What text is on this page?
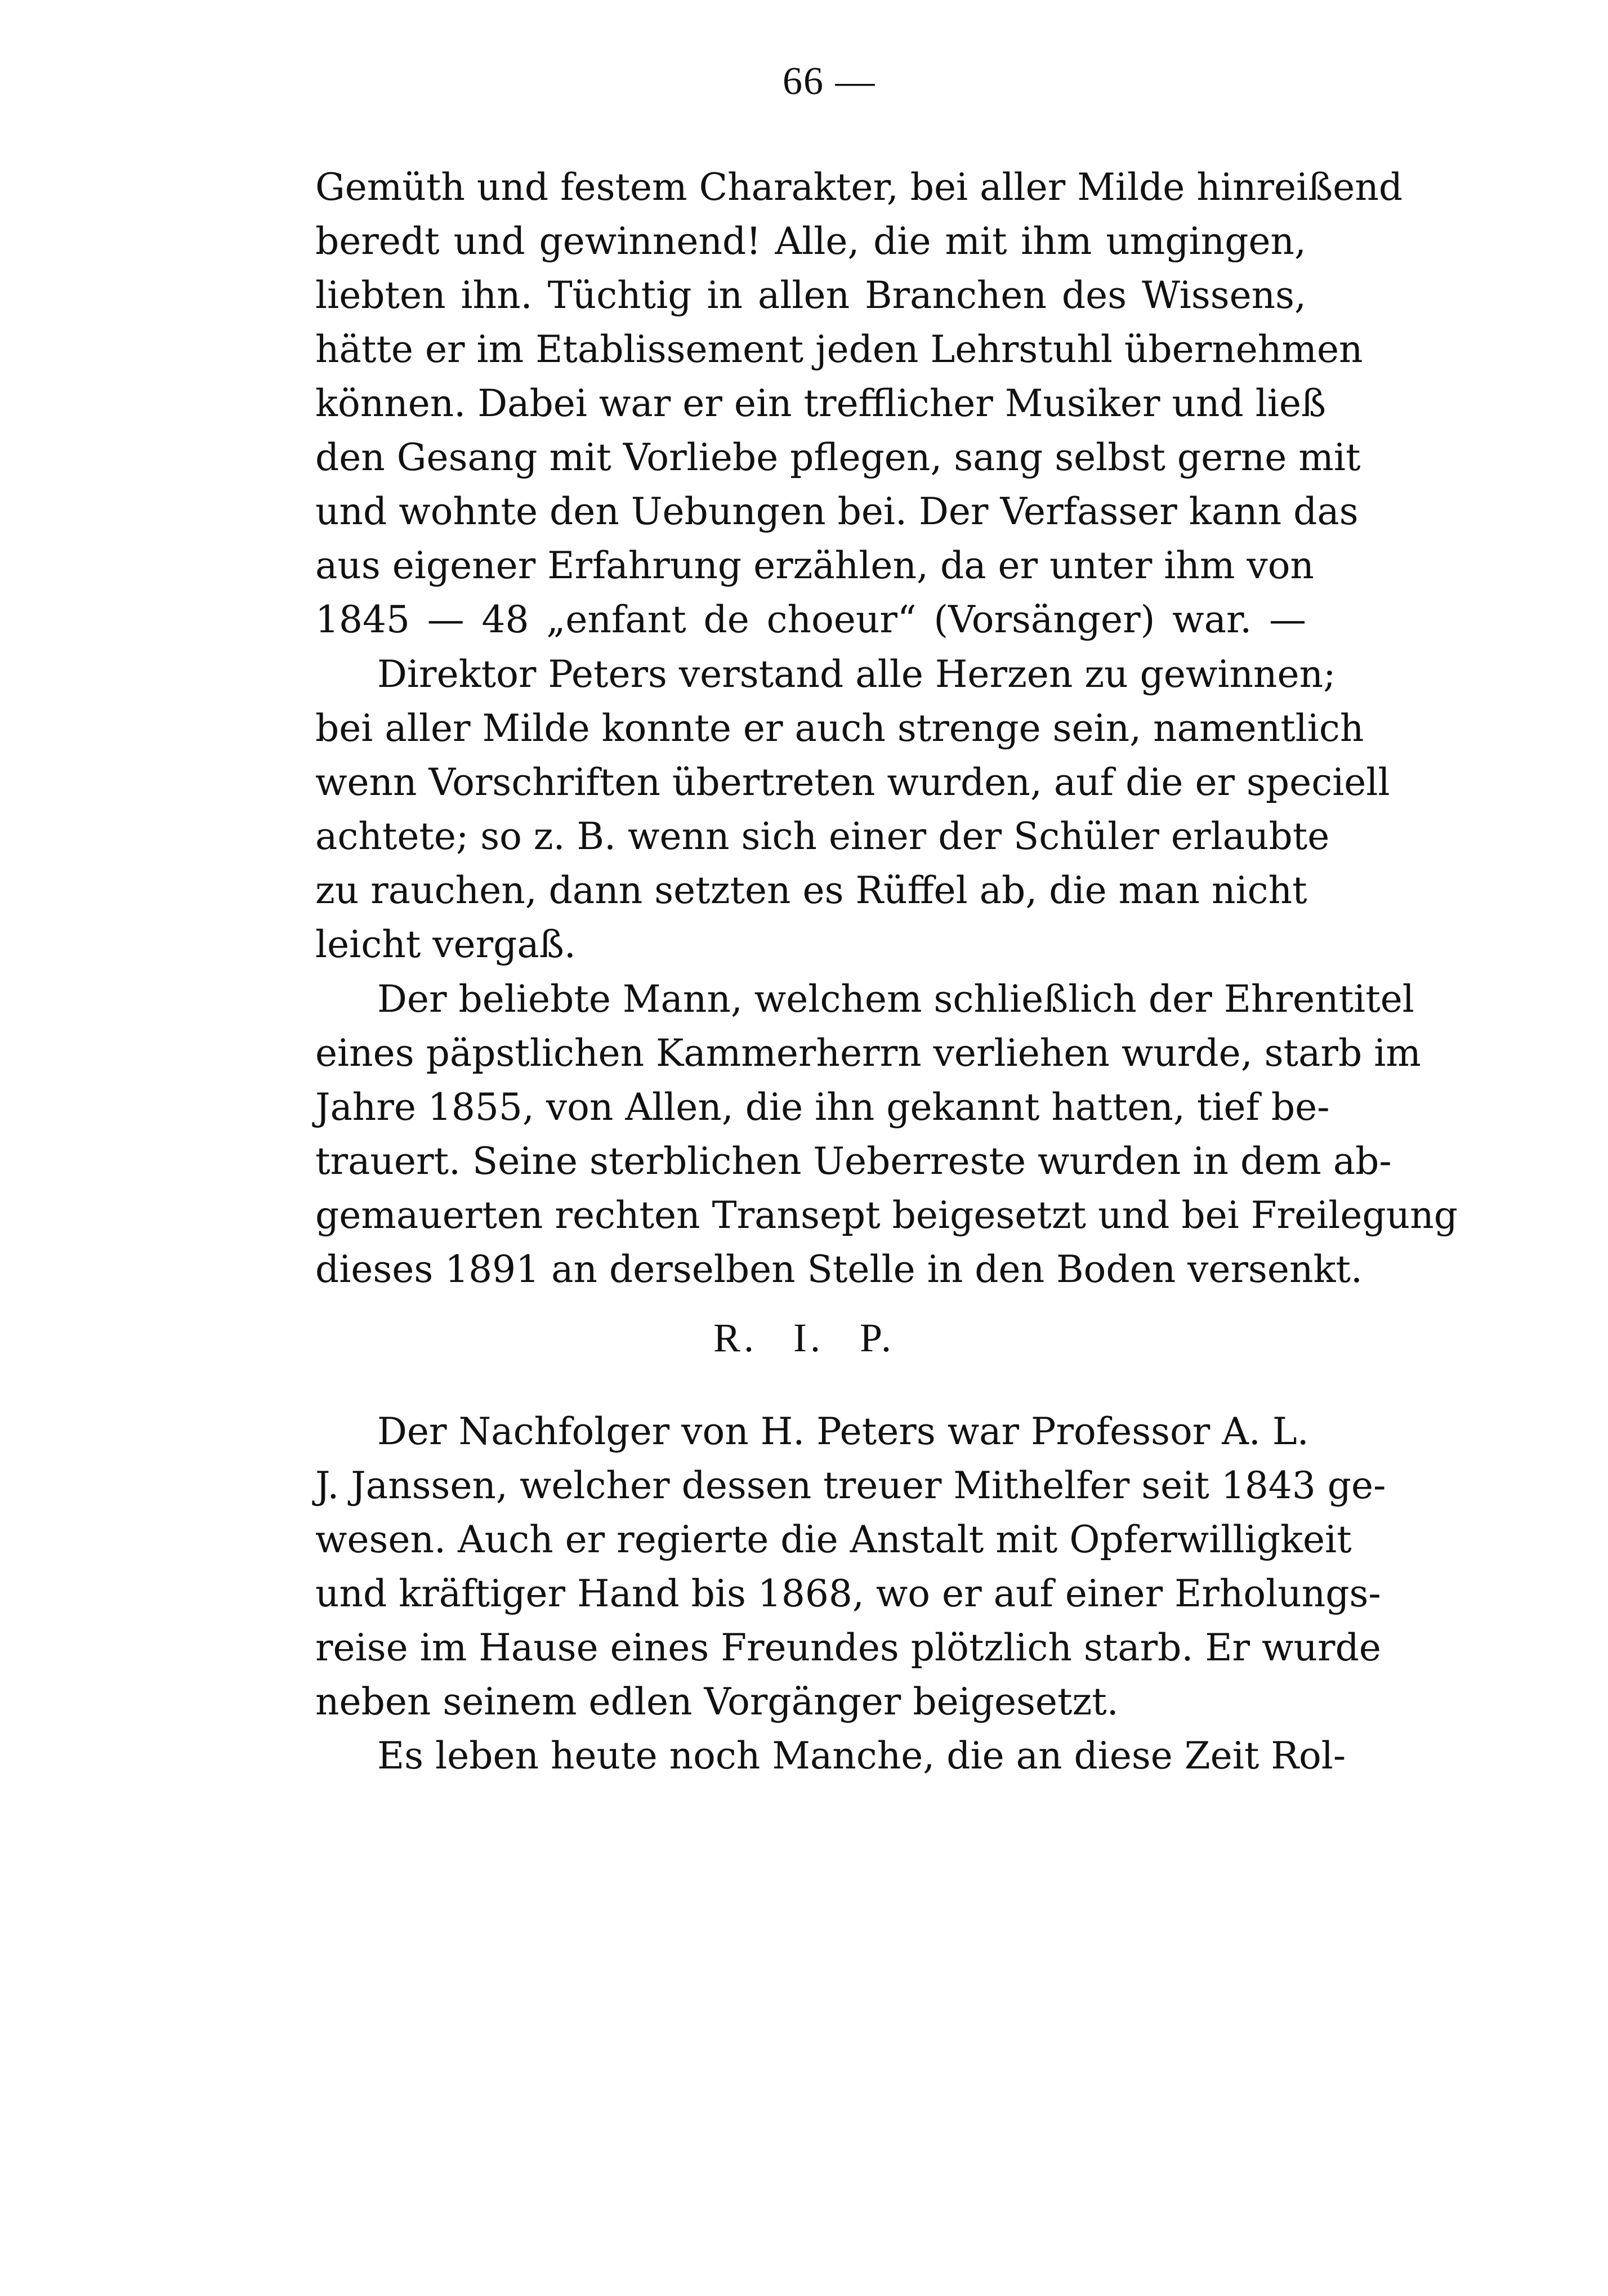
66 —
Gemüth und festem Charakter, bei aller Milde hinreißend
beredt und gewinnend! Alle, die mit ihm umgingen,
liebten ihn. Tüchtig in allen Branchen des Wissens,
hätte er im Etablissement jeden Lehrstuhl übernehmen
können. Dabei war er ein trefflicher Musiker und ließ
den Gesang mit Vorliebe pflegen, sang selbst gerne mit
und wohnte den Uebungen bei. Der Verfasser kann das
aus eigener Erfahrung erzählen, da er unter ihm von
1845 — 48 „enfant de choeur“ (Vorsänger) war. —
Direktor Peters verstand alle Herzen zu gewinnen;
bei aller Milde konnte er auch strenge sein, namentlich
wenn Vorschriften übertreten wurden, auf die er speciell
achtete; so z. B. wenn sich einer der Schüler erlaubte
zu rauchen, dann setzten es Rüffel ab, die man nicht
leicht vergaß.
Der beliebte Mann, welchem schließlich der Ehrentitel
eines päpstlichen Kammerherrn verliehen wurde, starb im
Jahre 1855, von Allen, die ihn gekannt hatten, tief be-
trauert. Seine sterblichen Ueberreste wurden in dem ab-
gemauerten rechten Transept beigesetzt und bei Freilegung
dieses 1891 an derselben Stelle in den Boden versenkt.
R. I. P.
Der Nachfolger von H. Peters war Professor A. L.
J. Janssen, welcher dessen treuer Mithelfer seit 1843 ge-
wesen. Auch er regierte die Anstalt mit Opferwilligkeit
und kräftiger Hand bis 1868, wo er auf einer Erholungs-
reise im Hause eines Freundes plötzlich starb. Er wurde
neben seinem edlen Vorgänger beigesetzt.
Es leben heute noch Manche, die an diese Zeit Rol-
